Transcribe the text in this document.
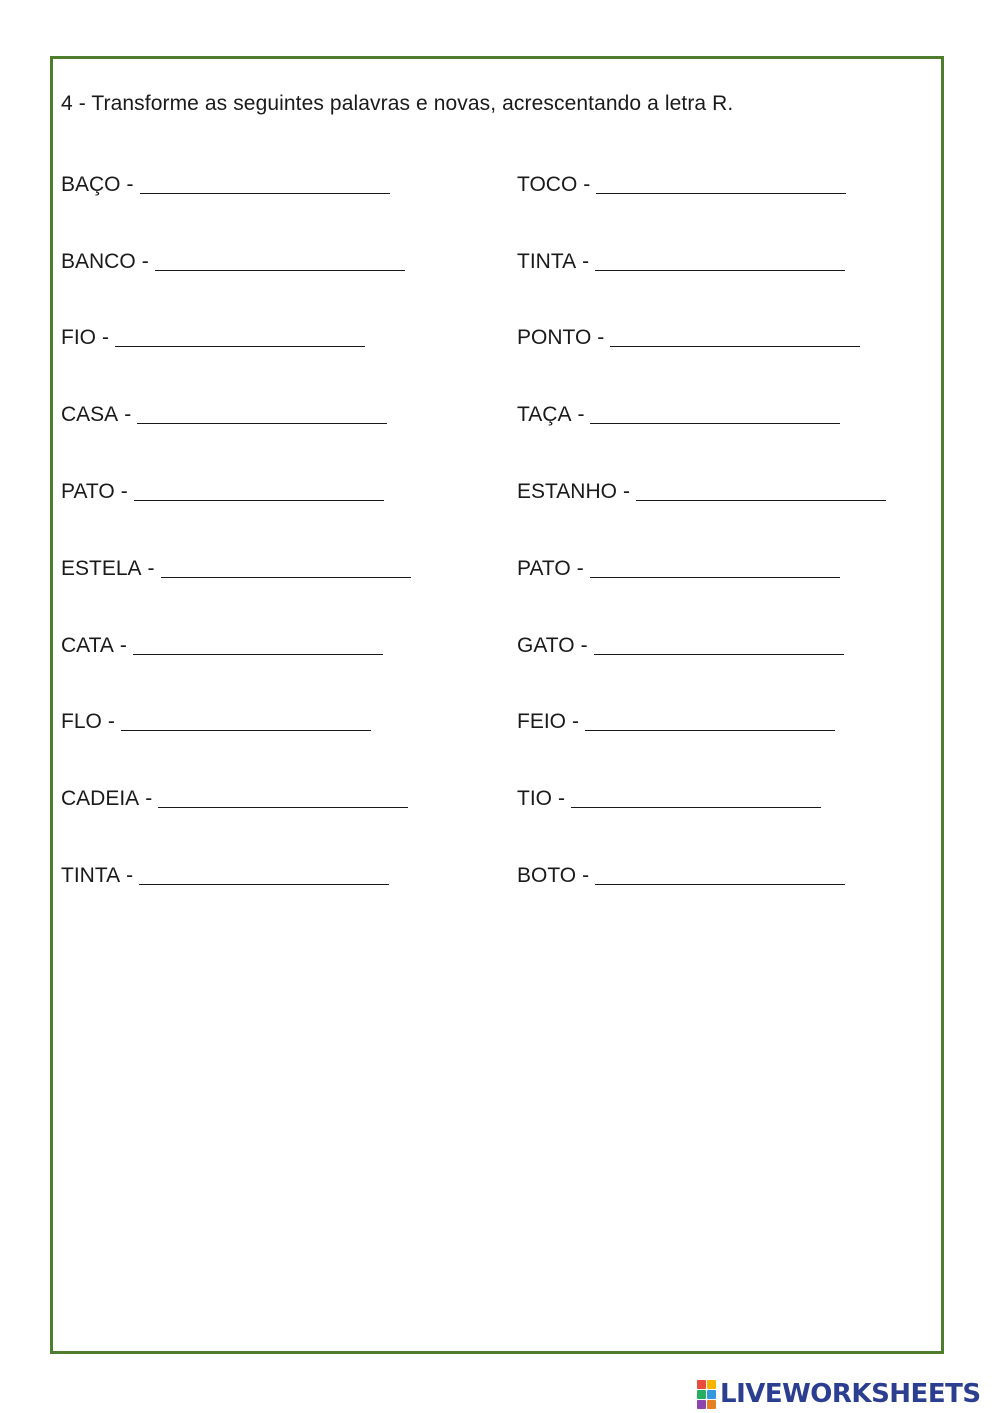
4 - Transforme as seguintes palavras e novas, acrescentando a letra R.
BAÇO -
BANCO -
FIO -
CASA -
PATO -
ESTELA -
CATA -
FLO -
CADEIA -
TINTA -
TOCO -
TINTA -
PONTO -
TAÇA -
ESTANHO -
PATO -
GATO -
FEIO -
TIO -
BOTO -
LIVEWORKSHEETS
